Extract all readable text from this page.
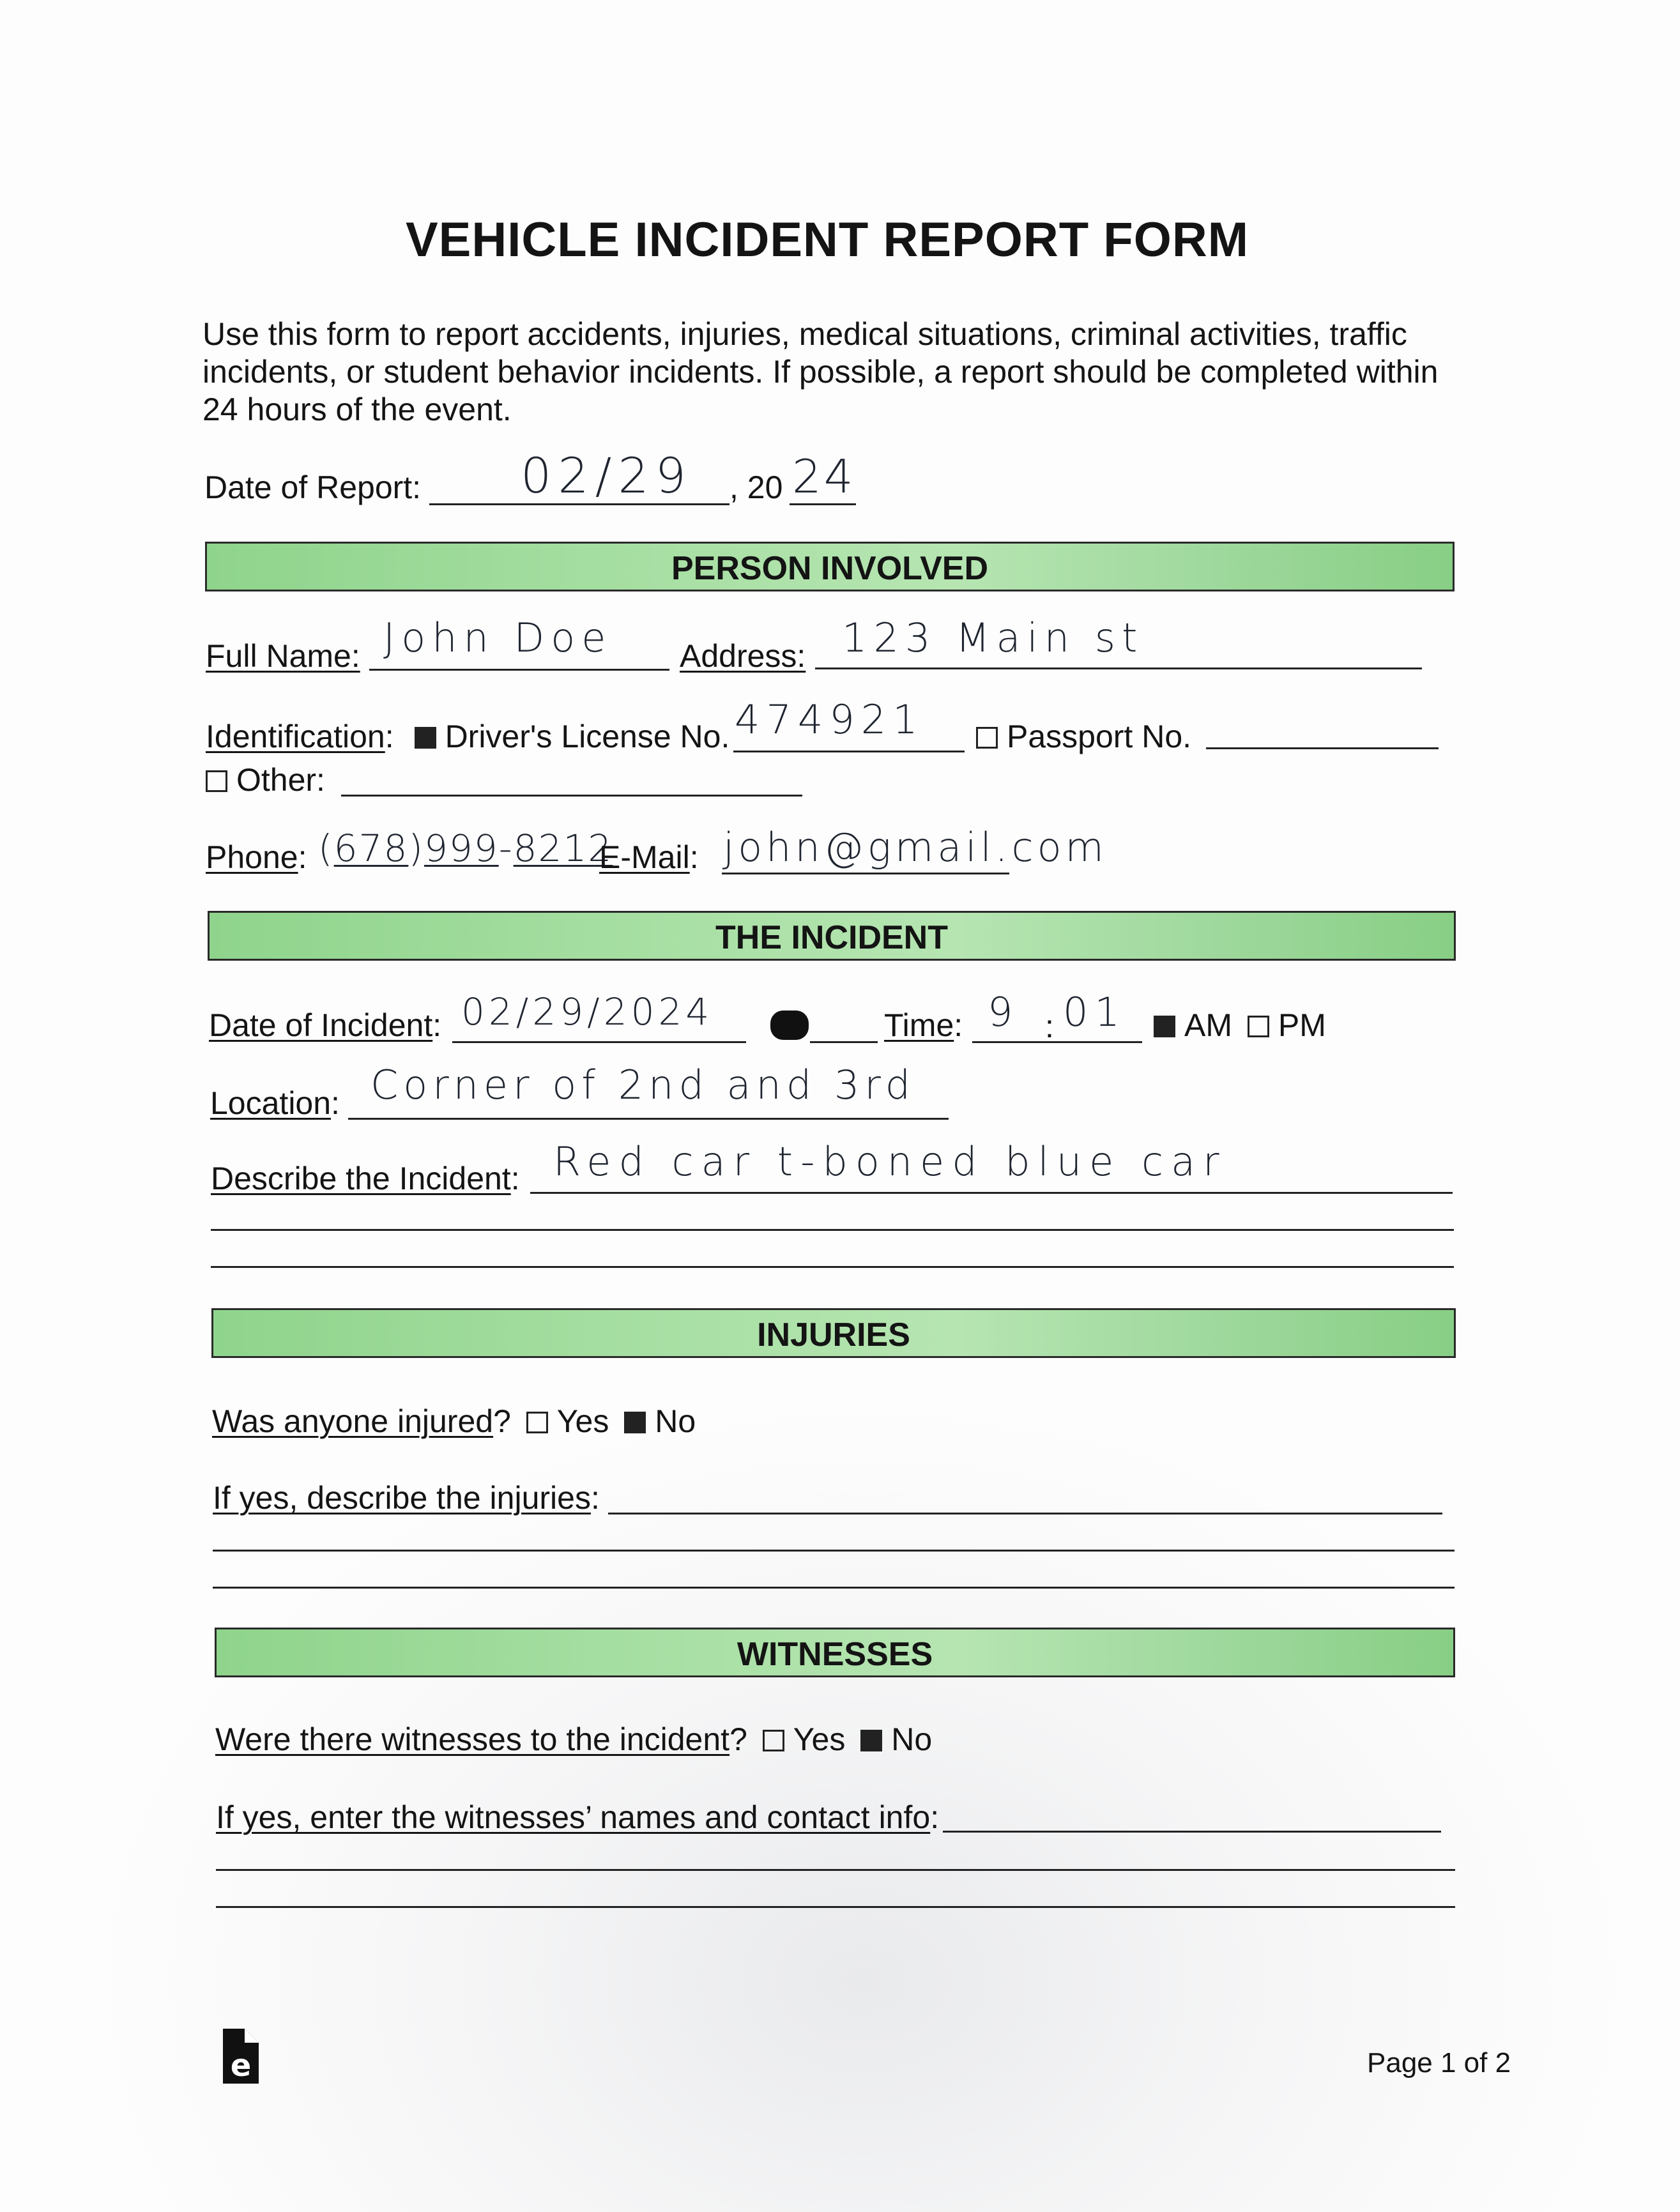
VEHICLE INCIDENT REPORT FORM
Use this form to report accidents, injuries, medical situations, criminal activities, traffic incidents, or student behavior incidents. If possible, a report should be completed within 24 hours of the event.
Date of Report: 02/29 , 20 24
PERSON INVOLVED
Full Name: John Doe Address: 123 Main st
Identification: Driver's License No. 474921	Passport No.
Other:
Phone: (678)999-8212
E-Mail: john@gmail.com
THE INCIDENT
Date of Incident: 02/29/2024	Time: 9 : 01	AM PM
Location: Corner of 2nd and 3rd
Describe the Incident: Red car t-boned blue car
INJURIES
Was anyone injured? Yes No
If yes, describe the injuries:
WITNESSES
Were there witnesses to the incident? Yes No
If yes, enter the witnesses’ names and contact info:
e	Page 1 of 2
